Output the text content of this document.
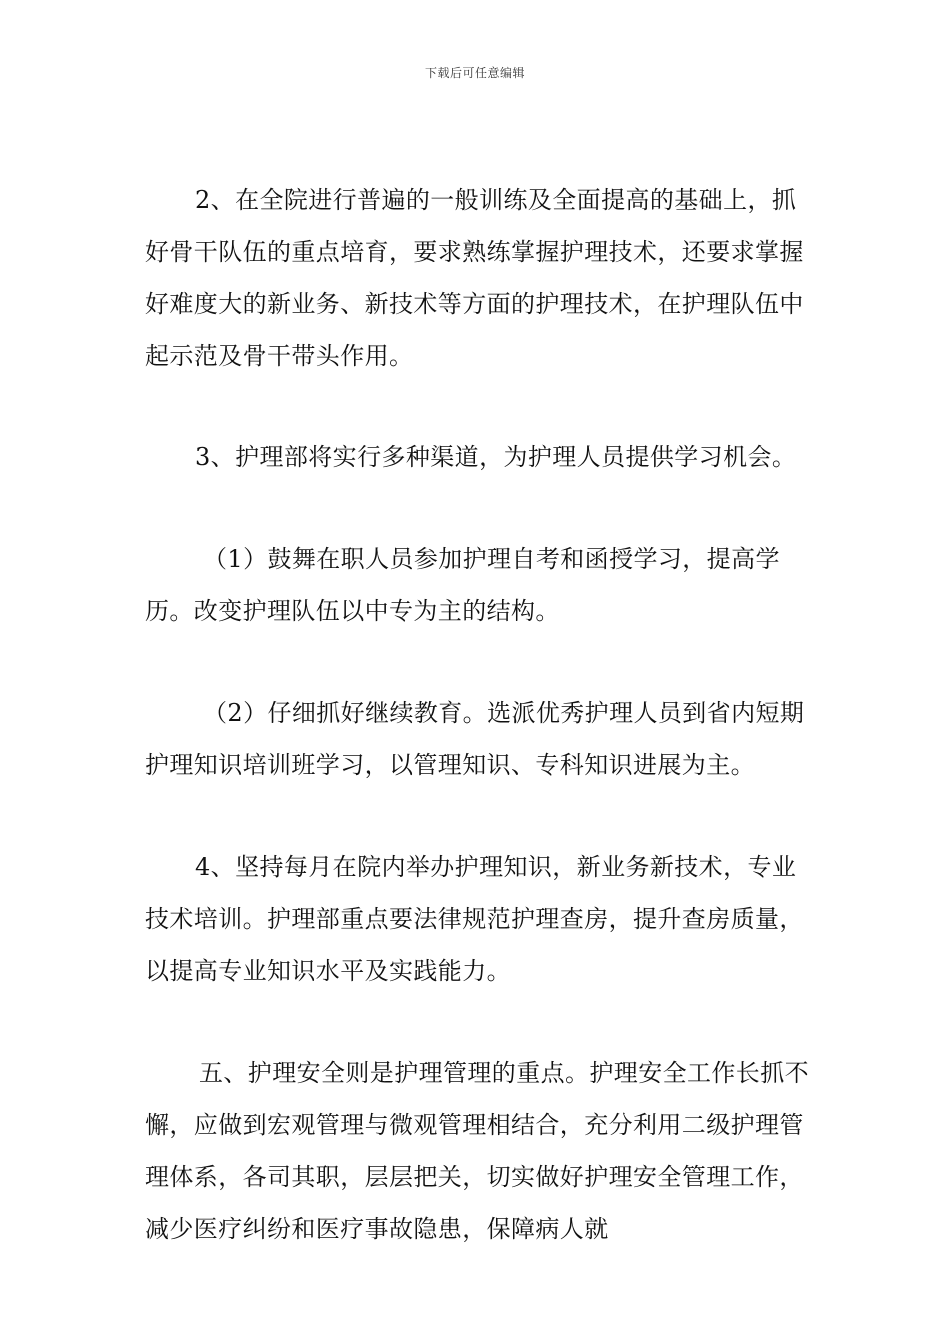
下载后可任意编辑

2、在全院进行普遍的一般训练及全面提高的基础上，抓好骨干队伍的重点培育，要求熟练掌握护理技术，还要求掌握好难度大的新业务、新技术等方面的护理技术，在护理队伍中起示范及骨干带头作用。

3、护理部将实行多种渠道，为护理人员提供学习机会。

（1）鼓舞在职人员参加护理自考和函授学习，提高学历。改变护理队伍以中专为主的结构。

（2）仔细抓好继续教育。选派优秀护理人员到省内短期护理知识培训班学习，以管理知识、专科知识进展为主。

4、坚持每月在院内举办护理知识，新业务新技术，专业技术培训。护理部重点要法律规范护理查房，提升查房质量，以提高专业知识水平及实践能力。

五、护理安全则是护理管理的重点。护理安全工作长抓不懈，应做到宏观管理与微观管理相结合，充分利用二级护理管理体系，各司其职，层层把关，切实做好护理安全管理工作，减少医疗纠纷和医疗事故隐患，保障病人就
